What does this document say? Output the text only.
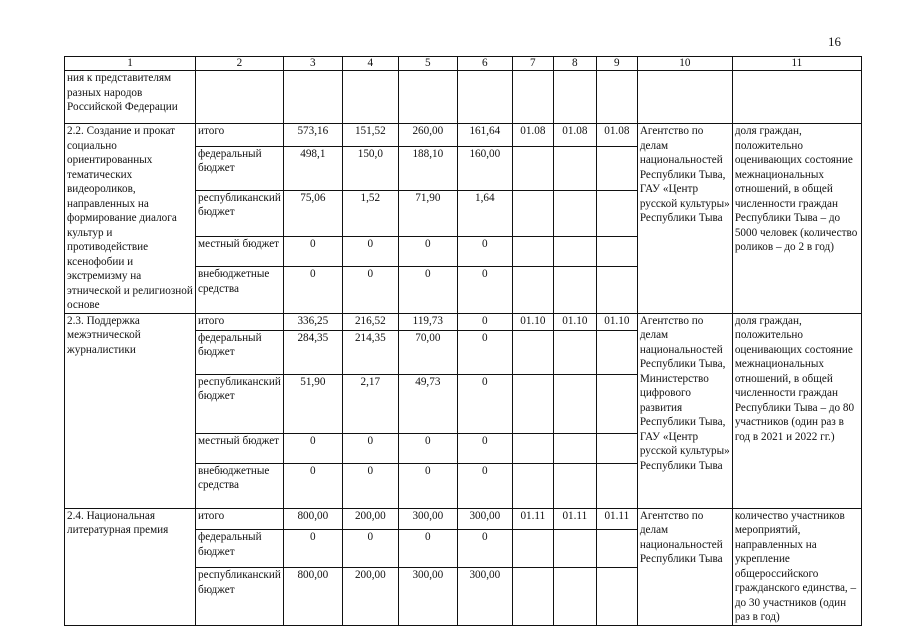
16
1	2	3	4	5	6	7	8	9	10	11
ния к представителям разных народов Российской Федерации										
2.2. Создание и прокат социально ориентированных тематических видеороликов, направленных на формирование диалога культур и противодействие ксенофобии и экстремизму на этнической и религиозной основе	итого	573,16	151,52	260,00	161,64	01.08	01.08	01.08	Агентство по делам национальностей Республики Тыва, ГАУ «Центр русской культуры» Республики Тыва	доля граждан, положительно оценивающих состояние межнациональных отношений, в общей численности граждан Республики Тыва – до 5000 человек (количество роликов – до 2 в год)
	федеральный бюджет	498,1	150,0	188,10	160,00					
	республиканский бюджет	75,06	1,52	71,90	1,64					
	местный бюджет	0	0	0	0					
	внебюджетные средства	0	0	0	0					
2.3. Поддержка межэтнической журналистики	итого	336,25	216,52	119,73	0	01.10	01.10	01.10	Агентство по делам национальностей Республики Тыва, Министерство цифрового развития Республики Тыва, ГАУ «Центр русской культуры» Республики Тыва	доля граждан, положительно оценивающих состояние межнациональных отношений, в общей численности граждан Республики Тыва – до 80 участников (один раз в год в 2021 и 2022 гг.)
	федеральный бюджет	284,35	214,35	70,00	0					
	республиканский бюджет	51,90	2,17	49,73	0					
	местный бюджет	0	0	0	0					
	внебюджетные средства	0	0	0	0					
2.4. Национальная литературная премия	итого	800,00	200,00	300,00	300,00	01.11	01.11	01.11	Агентство по делам национальностей Республики Тыва	количество участников мероприятий, направленных на укрепление общероссийского гражданского единства, – до 30 участников (один раз в год)
	федеральный бюджет	0	0	0	0					
	республиканский бюджет	800,00	200,00	300,00	300,00					
